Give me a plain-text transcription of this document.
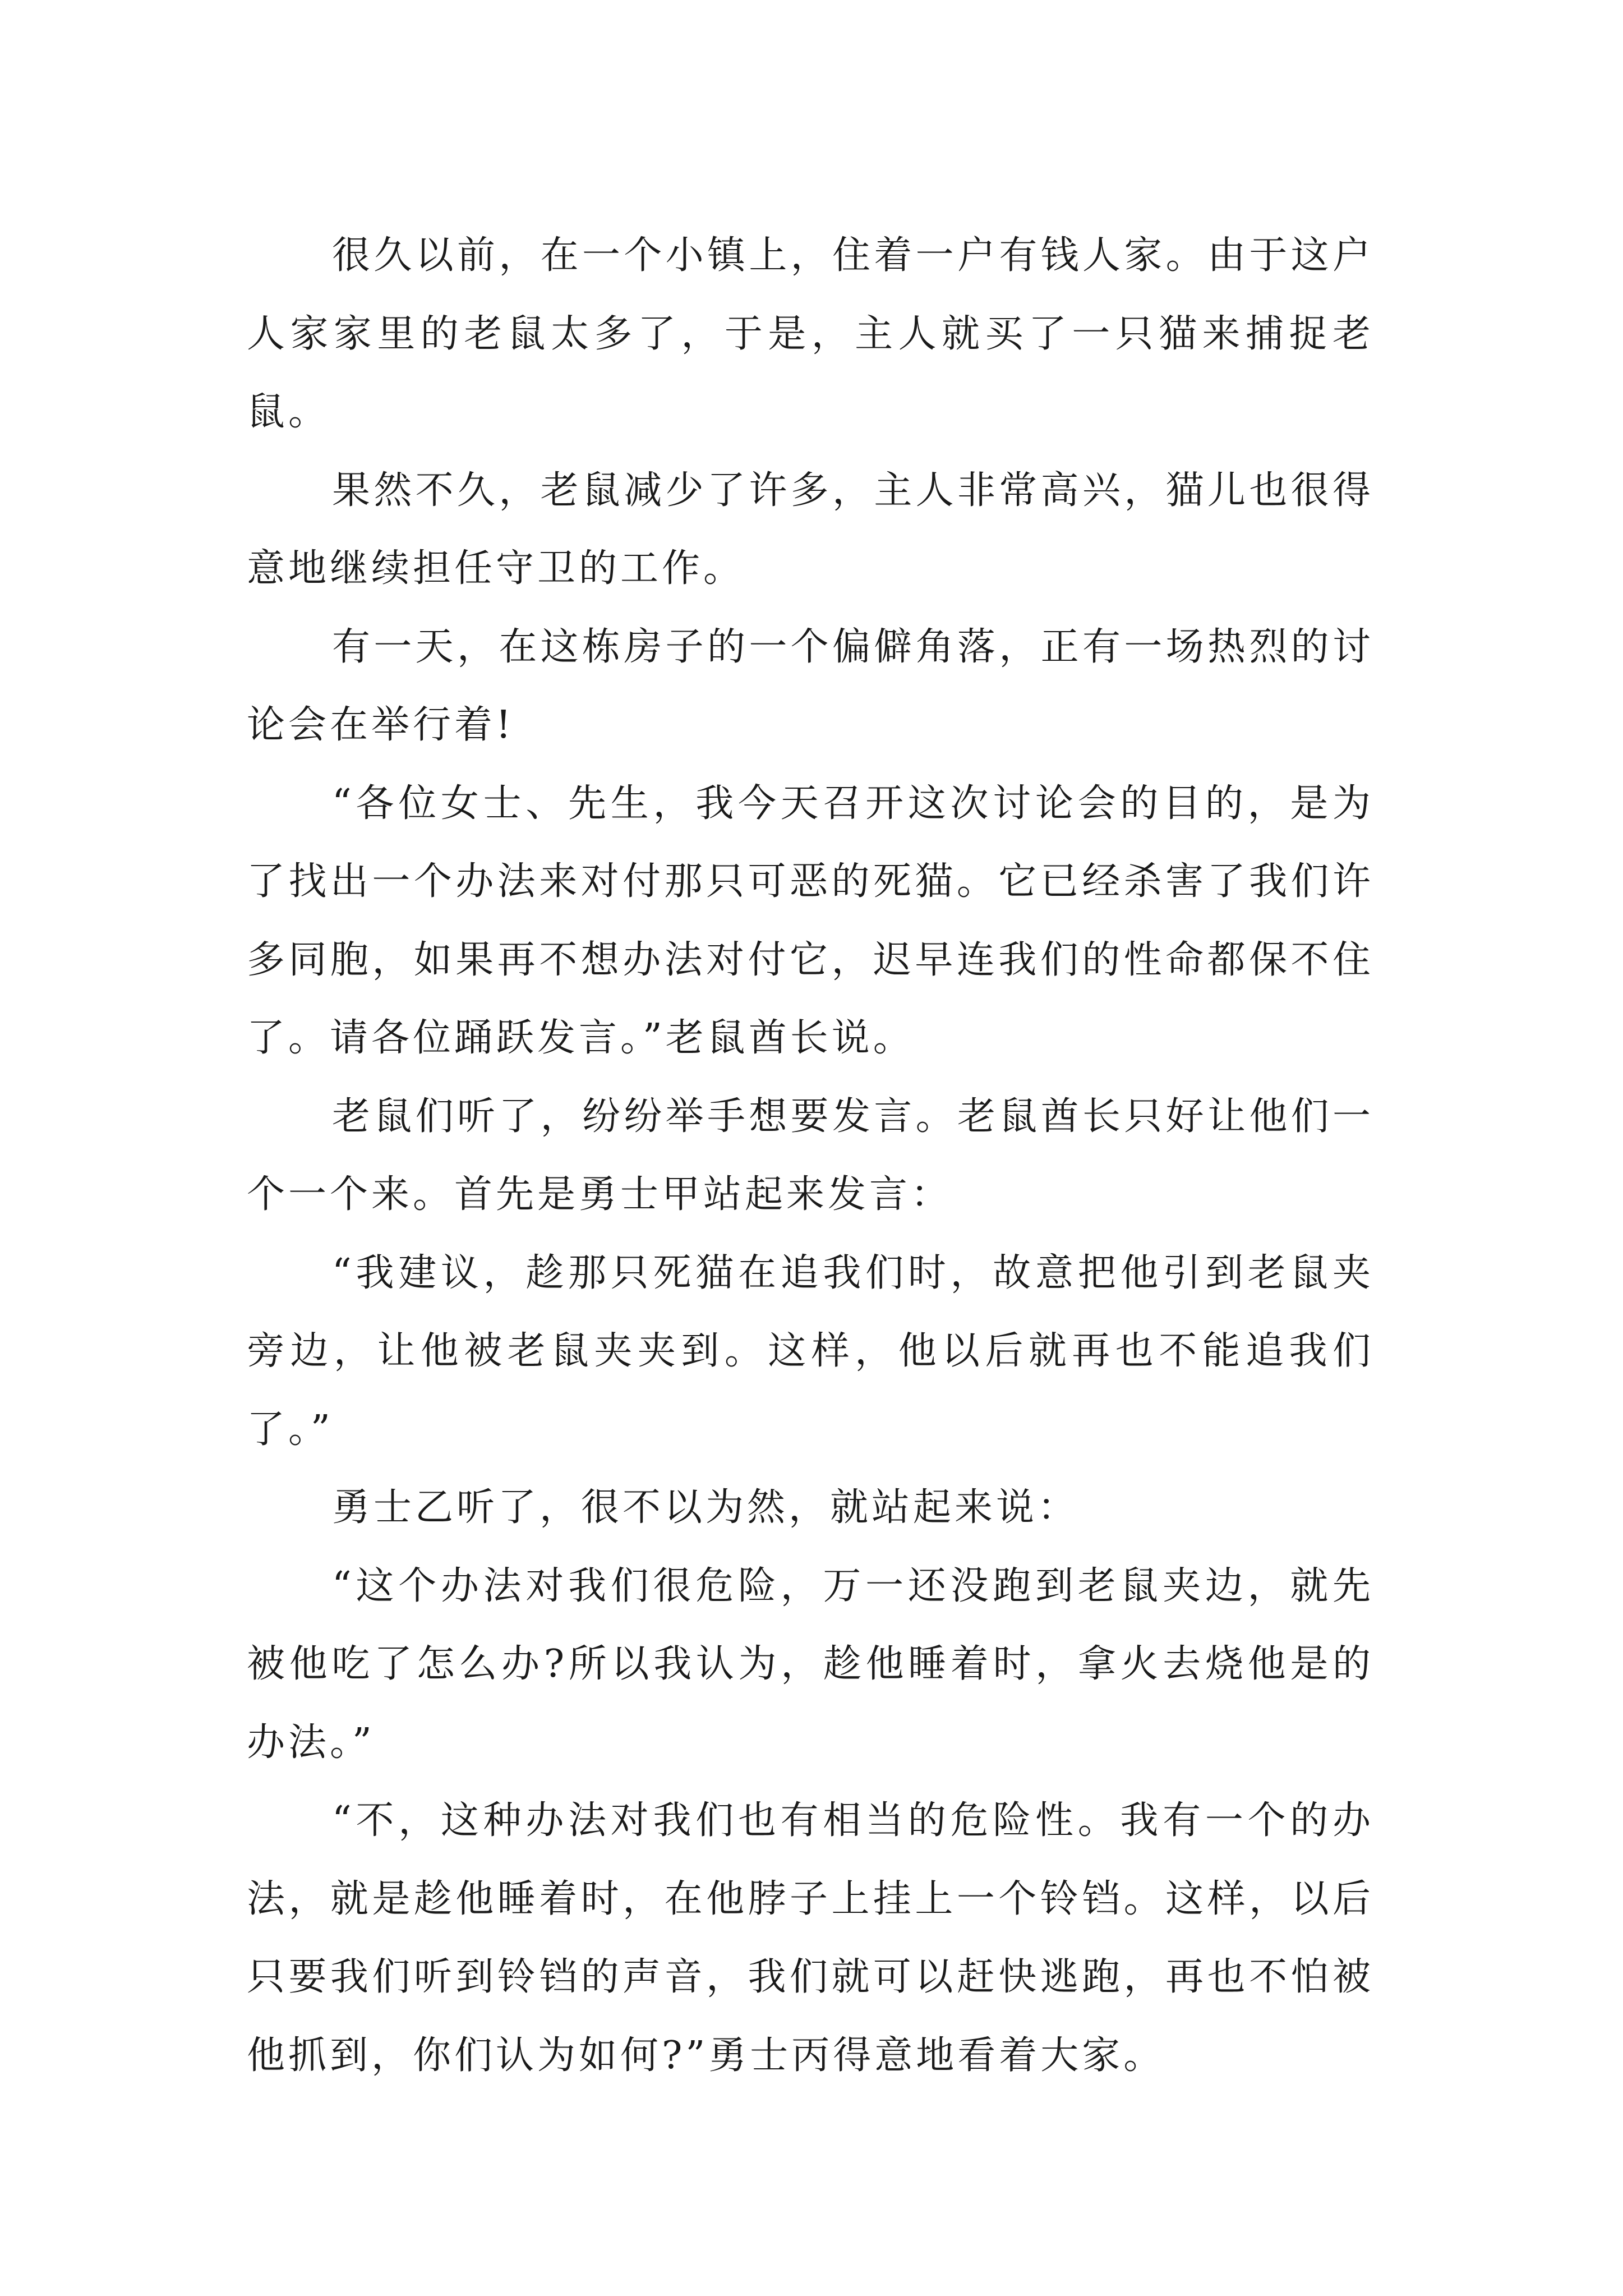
很久以前，在一个小镇上，住着一户有钱人家。由于这户人家家里的老鼠太多了，于是，主人就买了一只猫来捕捉老鼠。

果然不久，老鼠减少了许多，主人非常高兴，猫儿也很得意地继续担任守卫的工作。

有一天，在这栋房子的一个偏僻角落，正有一场热烈的讨论会在举行着!

“各位女士、先生，我今天召开这次讨论会的目的，是为了找出一个办法来对付那只可恶的死猫。它已经杀害了我们许多同胞，如果再不想办法对付它，迟早连我们的性命都保不住了。请各位踊跃发言。”老鼠酋长说。

老鼠们听了，纷纷举手想要发言。老鼠酋长只好让他们一个一个来。首先是勇士甲站起来发言：

“我建议，趁那只死猫在追我们时，故意把他引到老鼠夹旁边，让他被老鼠夹夹到。这样，他以后就再也不能追我们了。”

勇士乙听了，很不以为然，就站起来说：

“这个办法对我们很危险，万一还没跑到老鼠夹边，就先被他吃了怎么办?所以我认为，趁他睡着时，拿火去烧他是的办法。”

“不，这种办法对我们也有相当的危险性。我有一个的办法，就是趁他睡着时，在他脖子上挂上一个铃铛。这样，以后只要我们听到铃铛的声音，我们就可以赶快逃跑，再也不怕被他抓到，你们认为如何?”勇士丙得意地看着大家。
